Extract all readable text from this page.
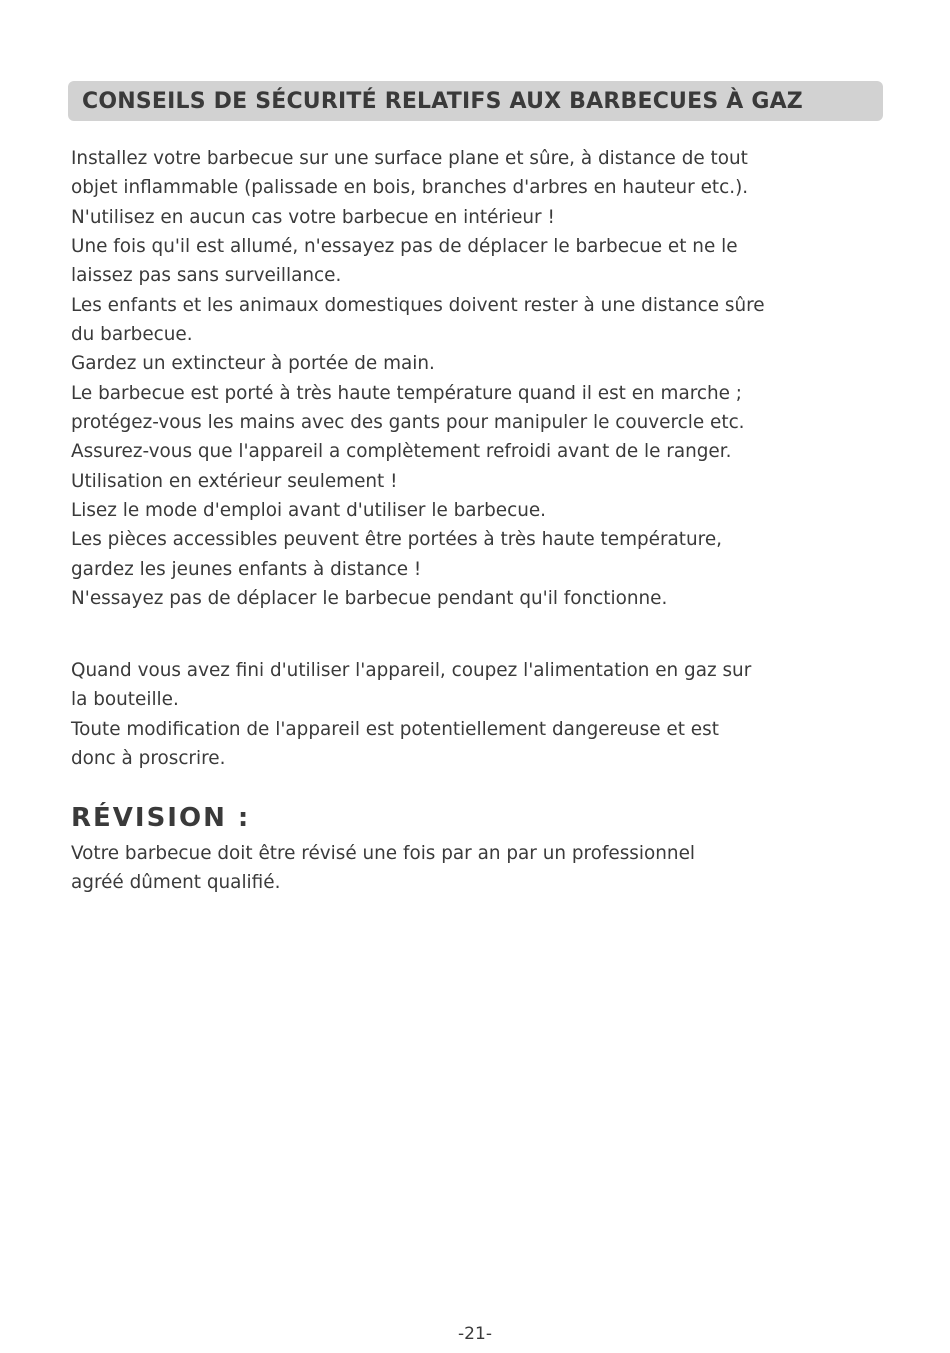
CONSEILS DE SÉCURITÉ RELATIFS AUX BARBECUES À GAZ
Installez votre barbecue sur une surface plane et sûre, à distance de tout
objet inflammable (palissade en bois, branches d'arbres en hauteur etc.).
N'utilisez en aucun cas votre barbecue en intérieur !
Une fois qu'il est allumé, n'essayez pas de déplacer le barbecue et ne le
laissez pas sans surveillance.
Les enfants et les animaux domestiques doivent rester à une distance sûre
du barbecue.
Gardez un extincteur à portée de main.
Le barbecue est porté à très haute température quand il est en marche ;
protégez-vous les mains avec des gants pour manipuler le couvercle etc.
Assurez-vous que l'appareil a complètement refroidi avant de le ranger.
Utilisation en extérieur seulement !
Lisez le mode d'emploi avant d'utiliser le barbecue.
Les pièces accessibles peuvent être portées à très haute température,
gardez les jeunes enfants à distance !
N'essayez pas de déplacer le barbecue pendant qu'il fonctionne.
Quand vous avez fini d'utiliser l'appareil, coupez l'alimentation en gaz sur
la bouteille.
Toute modification de l'appareil est potentiellement dangereuse et est
donc à proscrire.
RÉVISION :
Votre barbecue doit être révisé une fois par an par un professionnel
agréé dûment qualifié.
-21-
